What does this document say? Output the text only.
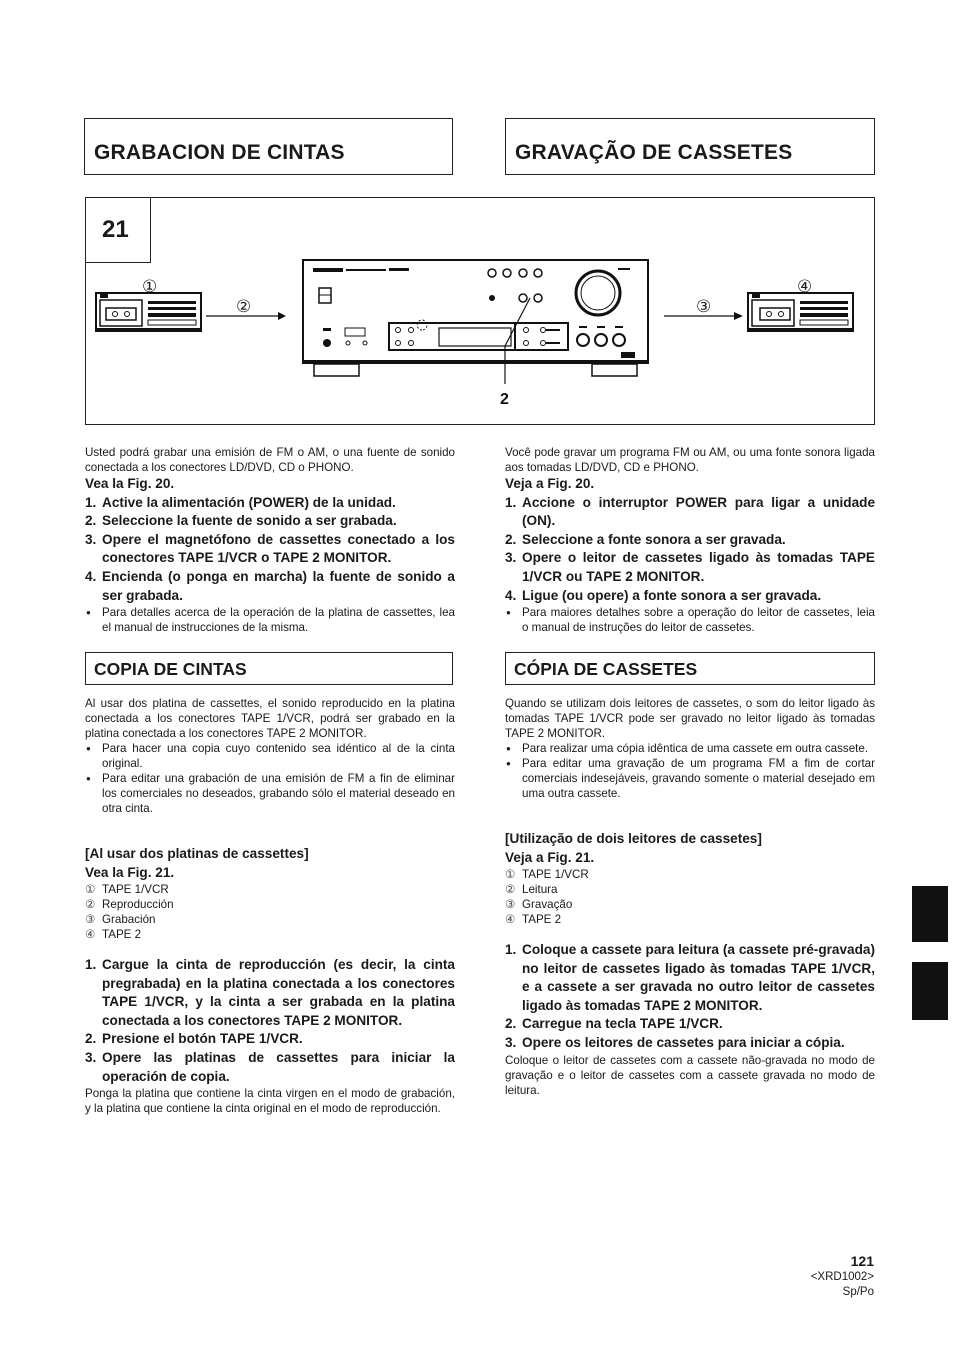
GRABACION DE CINTAS	GRAVAÇÃO DE CASSETES
21
①
②	③
④
2

Usted podrá grabar una emisión de FM o AM, o una fuente de sonido conectada a los conectores LD/DVD, CD o PHONO.

Vea la Fig. 20.

1. Active la alimentación (POWER) de la unidad.
2. Seleccione la fuente de sonido a ser grabada.
3. Opere el magnetófono de cassettes conectado a los conectores TAPE 1/VCR o TAPE 2 MONITOR.
4. Encienda (o ponga en marcha) la fuente de sonido a ser grabada.

● Para detalles acerca de la operación de la platina de cassettes, lea el manual de instrucciones de la misma.

COPIA DE CINTAS

Al usar dos platina de cassettes, el sonido reproducido en la platina conectada a los conectores TAPE 1/VCR, podrá ser grabado en la platina conectada a los conectores TAPE 2 MONITOR.

● Para hacer una copia cuyo contenido sea idéntico al de la cinta original.

● Para editar una grabación de una emisión de FM a fin de eliminar los comerciales no deseados, grabando sólo el material deseado en otra cinta.

[Al usar dos platinas de cassettes]

Vea la Fig. 21.

① TAPE 1/VCR
② Reproducción
③ Grabación
④ TAPE 2
1. Cargue la cinta de reproducción (es decir, la cinta pregrabada) en la platina conectada a los conectores TAPE 1/VCR, y la cinta a ser grabada en la platina conectada a los conectores TAPE 2 MONITOR.
2. Presione el botón TAPE 1/VCR.
3. Opere las platinas de cassettes para iniciar la operación de copia.

Ponga la platina que contiene la cinta virgen en el modo de grabación, y la platina que contiene la cinta original en el modo de reproducción.

Você pode gravar um programa FM ou AM, ou uma fonte sonora ligada aos tomadas LD/DVD, CD e PHONO.

Veja a Fig. 20.

1. Accione o interruptor POWER para ligar a unidade (ON).
2. Seleccione a fonte sonora a ser gravada.
3. Opere o leitor de cassetes ligado às tomadas TAPE 1/VCR ou TAPE 2 MONITOR.
4. Ligue (ou opere) a fonte sonora a ser gravada.

● Para maiores detalhes sobre a operação do leitor de cassetes, leia o manual de instruções do leitor de cassetes.

CÓPIA DE CASSETES

Quando se utilizam dois leitores de cassetes, o som do leitor ligado às tomadas TAPE 1/VCR pode ser gravado no leitor ligado às tomadas TAPE 2 MONITOR.

● Para realizar uma cópia idêntica de uma cassete em outra cassete.

● Para editar uma gravação de um programa FM a fim de cortar comerciais indesejáveis, gravando somente o material desejado em uma outra cassete.

[Utilização de dois leitores de cassetes]

Veja a Fig. 21.

① TAPE 1/VCR
② Leitura
③ Gravação
④ TAPE 2
1. Coloque a cassete para leitura (a cassete pré-gravada) no leitor de cassetes ligado às tomadas TAPE 1/VCR, e a cassete a ser gravada no outro leitor de cassetes ligado às tomadas TAPE 2 MONITOR.
2. Carregue na tecla TAPE 1/VCR.
3. Opere os leitores de cassetes para iniciar a cópia.

Coloque o leitor de cassetes com a cassete não-gravada no modo de gravação e o leitor de cassetes com a cassete gravada no modo de leitura.

121
<XRD1002>
Sp/Po
